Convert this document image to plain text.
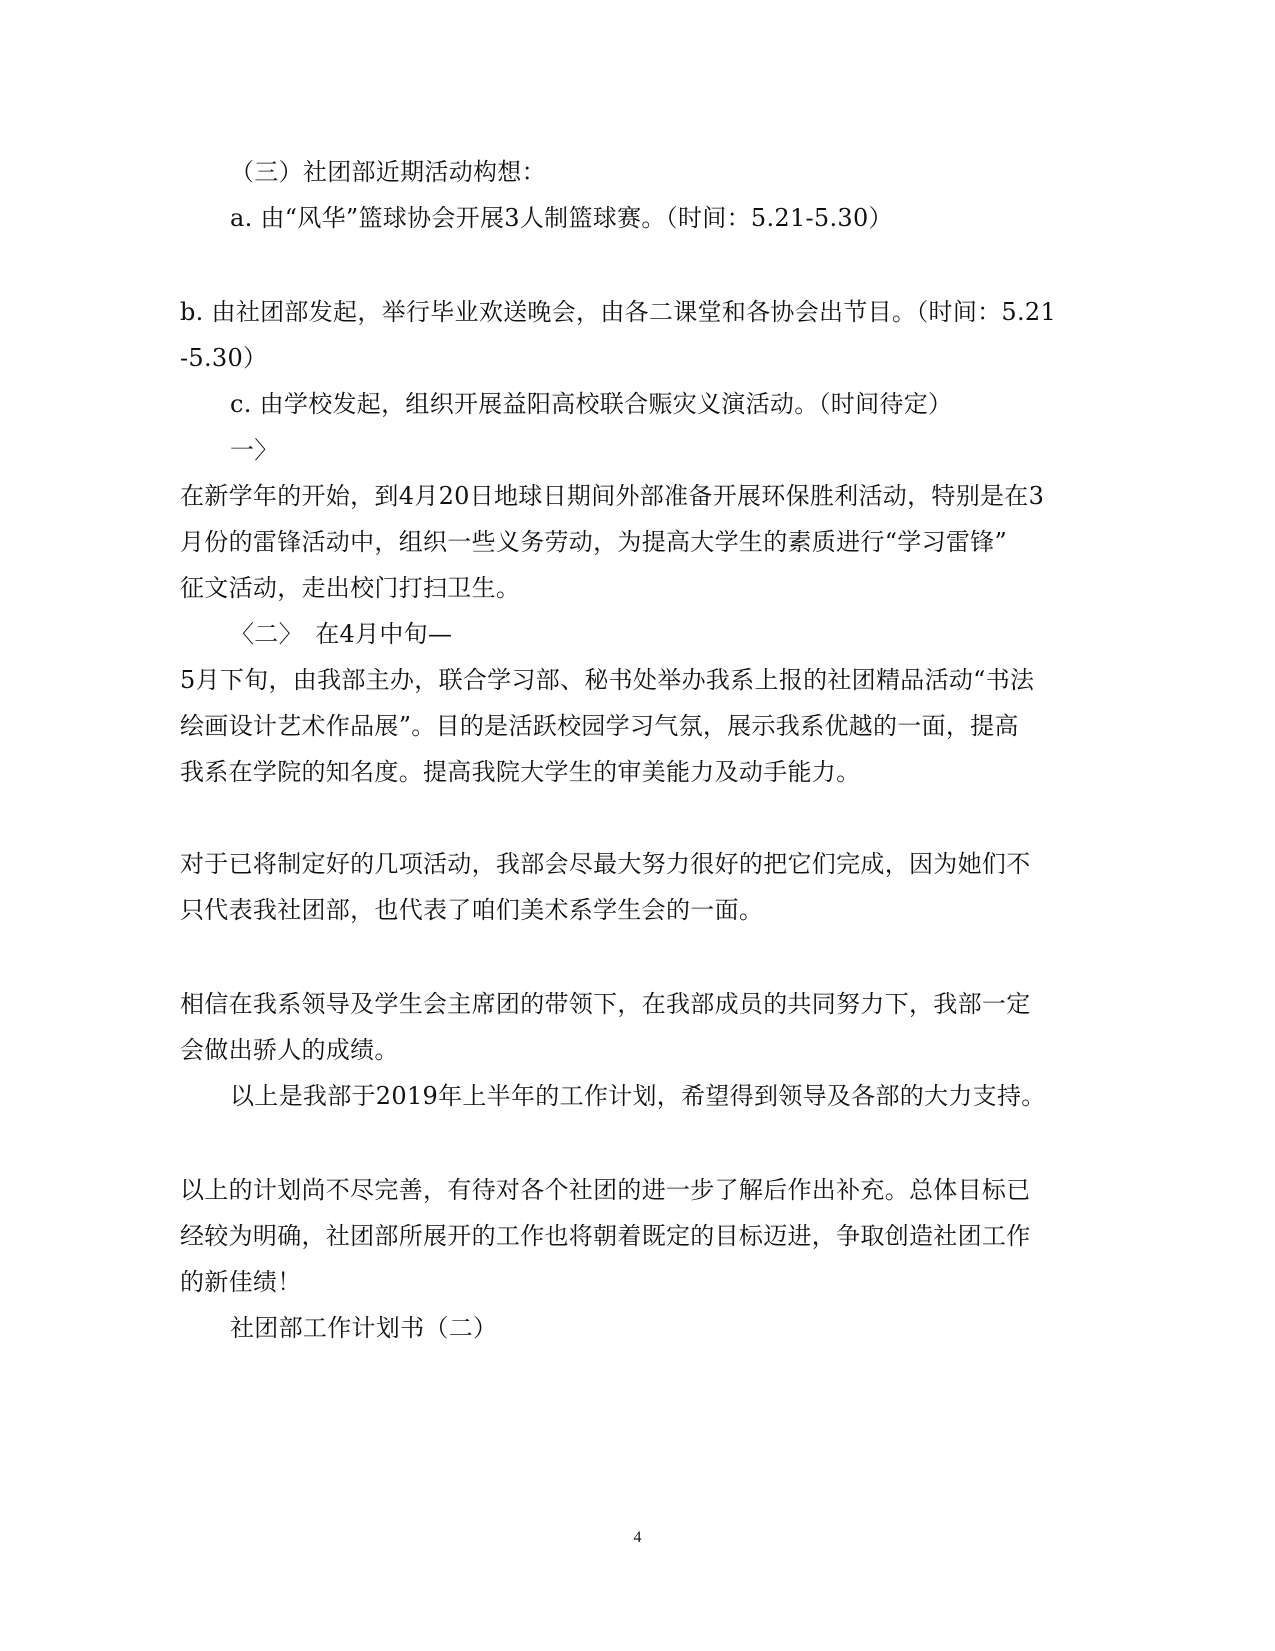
（三）社团部近期活动构想：
a. 由“风华”篮球协会开展3人制篮球赛。（时间：5.21-5.30）
b. 由社团部发起，举行毕业欢送晚会，由各二课堂和各协会出节目。（时间：5.21
-5.30）
c. 由学校发起，组织开展益阳高校联合赈灾义演活动。（时间待定）
一〉
在新学年的开始，到4月20日地球日期间外部准备开展环保胜利活动，特别是在3
月份的雷锋活动中，组织一些义务劳动，为提高大学生的素质进行“学习雷锋”
征文活动，走出校门打扫卫生。
〈二〉　在4月中旬—
5月下旬，由我部主办，联合学习部、秘书处举办我系上报的社团精品活动“书法
绘画设计艺术作品展”。目的是活跃校园学习气氛，展示我系优越的一面，提高
我系在学院的知名度。提高我院大学生的审美能力及动手能力。
对于已将制定好的几项活动，我部会尽最大努力很好的把它们完成，因为她们不
只代表我社团部，也代表了咱们美术系学生会的一面。
相信在我系领导及学生会主席团的带领下，在我部成员的共同努力下，我部一定
会做出骄人的成绩。
以上是我部于2019年上半年的工作计划，希望得到领导及各部的大力支持。
以上的计划尚不尽完善，有待对各个社团的进一步了解后作出补充。总体目标已
经较为明确，社团部所展开的工作也将朝着既定的目标迈进，争取创造社团工作
的新佳绩！
社团部工作计划书（二）
4
